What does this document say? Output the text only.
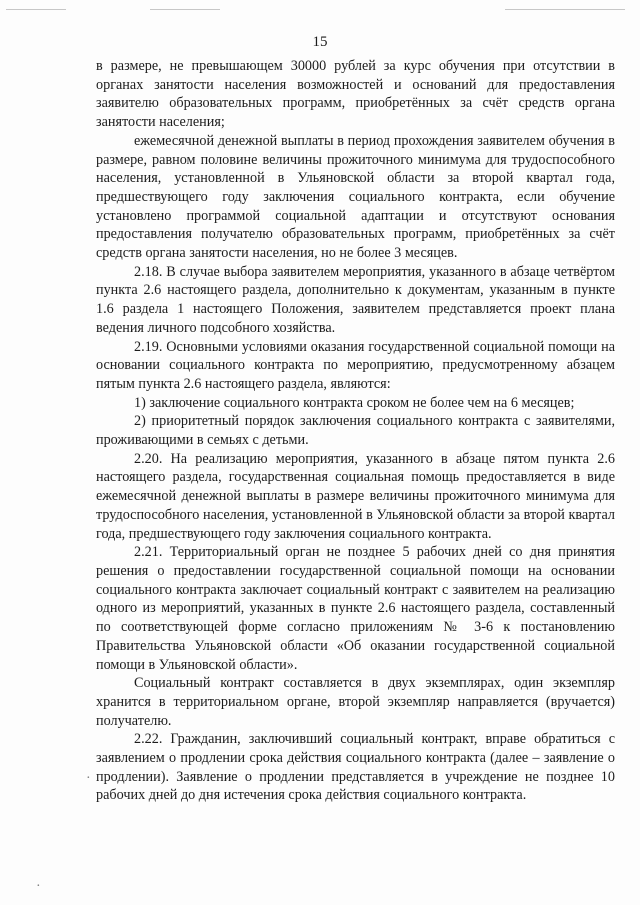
15

в размере, не превышающем 30000 рублей за курс обучения при отсутствии в органах занятости населения возможностей и оснований для предоставления заявителю образовательных программ, приобретённых за счёт средств органа занятости населения;

ежемесячной денежной выплаты в период прохождения заявителем обучения в размере, равном половине величины прожиточного минимума для трудоспособного населения, установленной в Ульяновской области за второй квартал года, предшествующего году заключения социального контракта, если обучение установлено программой социальной адаптации и отсутствуют основания предоставления получателю образовательных программ, приобретённых за счёт средств органа занятости населения, но не более 3 месяцев.

2.18. В случае выбора заявителем мероприятия, указанного в абзаце четвёртом пункта 2.6 настоящего раздела, дополнительно к документам, указанным в пункте 1.6 раздела 1 настоящего Положения, заявителем представляется проект плана ведения личного подсобного хозяйства.

2.19. Основными условиями оказания государственной социальной помощи на основании социального контракта по мероприятию, предусмотренному абзацем пятым пункта 2.6 настоящего раздела, являются:

1) заключение социального контракта сроком не более чем на 6 месяцев;

2) приоритетный порядок заключения социального контракта с заявителями, проживающими в семьях с детьми.

2.20. На реализацию мероприятия, указанного в абзаце пятом пункта 2.6 настоящего раздела, государственная социальная помощь предоставляется в виде ежемесячной денежной выплаты в размере величины прожиточного минимума для трудоспособного населения, установленной в Ульяновской области за второй квартал года, предшествующего году заключения социального контракта.

2.21. Территориальный орган не позднее 5 рабочих дней со дня принятия решения о предоставлении государственной социальной помощи на основании социального контракта заключает социальный контракт с заявителем на реализацию одного из мероприятий, указанных в пункте 2.6 настоящего раздела, составленный по соответствующей форме согласно приложениям № 3-6 к постановлению Правительства Ульяновской области «Об оказании государственной социальной помощи в Ульяновской области».

Социальный контракт составляется в двух экземплярах, один экземпляр хранится в территориальном органе, второй экземпляр направляется (вручается) получателю.

2.22. Гражданин, заключивший социальный контракт, вправе обратиться с заявлением о продлении срока действия социального контракта (далее – заявление о продлении). Заявление о продлении представляется в учреждение не позднее 10 рабочих дней до дня истечения срока действия социального контракта.

·
·
